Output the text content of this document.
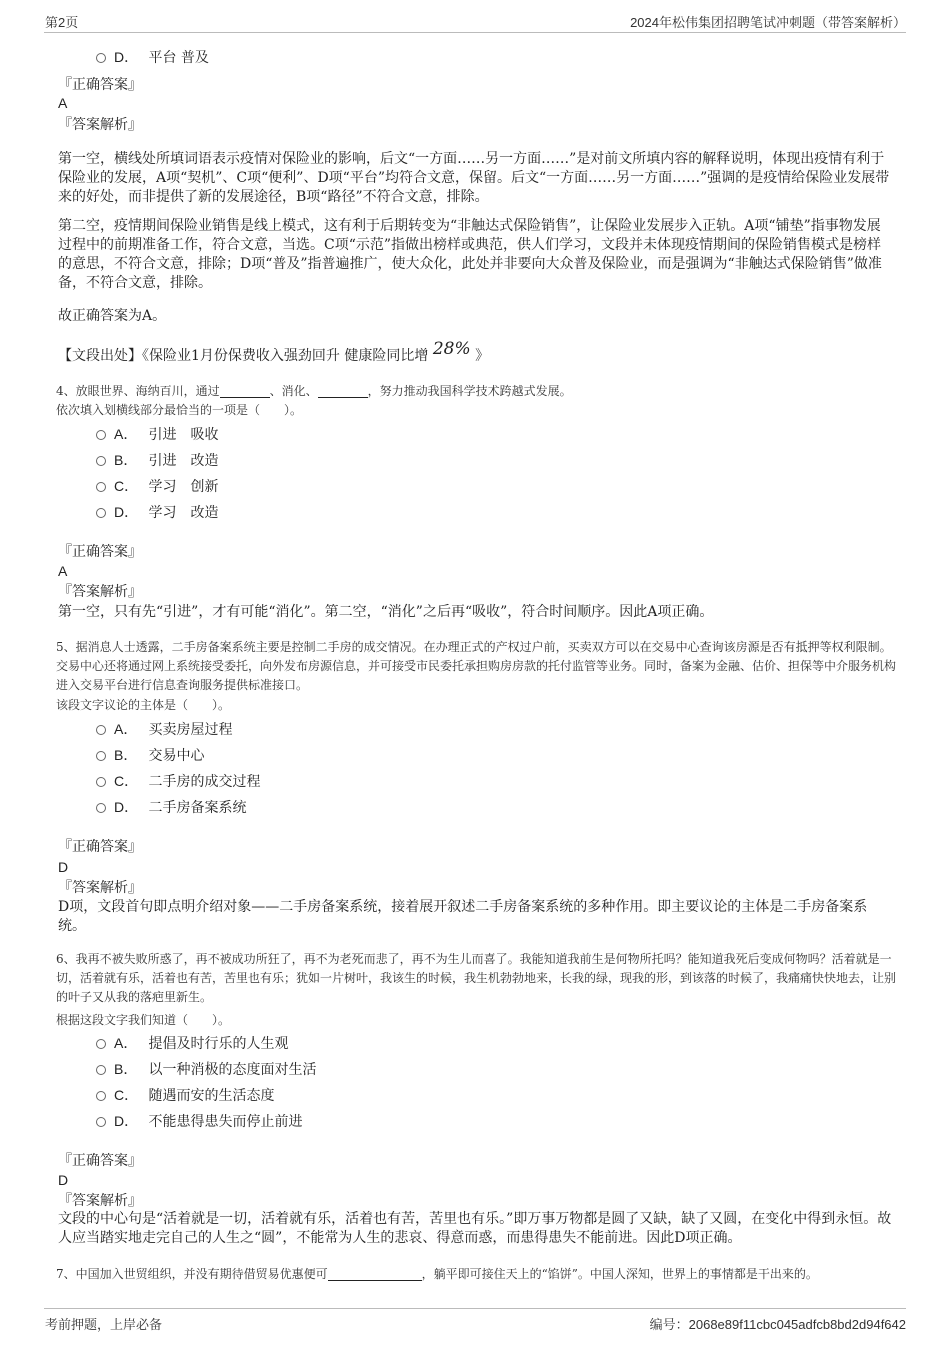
第2页	2024年松伟集团招聘笔试冲刺题（带答案解析）
D． 平台 普及
『正确答案』
A
『答案解析』
第一空，横线处所填词语表示疫情对保险业的影响，后文“一方面……另一方面……”是对前文所填内容的解释说明，体现出疫情有利于保险业的发展，A项“契机”、C项“便利”、D项“平台”均符合文意，保留。后文“一方面……另一方面……”强调的是疫情给保险业发展带来的好处，而非提供了新的发展途径，B项“路径”不符合文意，排除。
第二空，疫情期间保险业销售是线上模式，这有利于后期转变为“非触达式保险销售”，让保险业发展步入正轨。A项“铺垫”指事物发展过程中的前期准备工作，符合文意，当选。C项“示范”指做出榜样或典范，供人们学习，文段并未体现疫情期间的保险销售模式是榜样的意思，不符合文意，排除；D项“普及”指普遍推广，使大众化，此处并非要向大众普及保险业，而是强调为“非触达式保险销售”做准备，不符合文意，排除。
故正确答案为A。
【文段出处】《保险业1月份保费收入强劲回升 健康险同比增 28% 》
4、放眼世界、海纳百川，通过	、消化、	，努力推动我国科学技术跨越式发展。
依次填入划横线部分最恰当的一项是（　　）。
A． 引进　吸收
B． 引进　改造
C． 学习　创新
D． 学习　改造
『正确答案』
A
『答案解析』
第一空，只有先“引进”，才有可能“消化”。第二空，“消化”之后再“吸收”，符合时间顺序。因此A项正确。
5、据消息人士透露，二手房备案系统主要是控制二手房的成交情况。在办理正式的产权过户前，买卖双方可以在交易中心查询该房源是否有抵押等权利限制。交易中心还将通过网上系统接受委托，向外发布房源信息，并可接受市民委托承担购房房款的托付监管等业务。同时，备案为金融、估价、担保等中介服务机构进入交易平台进行信息查询服务提供标准接口。
该段文字议论的主体是（　　）。
A． 买卖房屋过程
B． 交易中心
C． 二手房的成交过程
D． 二手房备案系统
『正确答案』
D
『答案解析』
D项，文段首句即点明介绍对象——二手房备案系统，接着展开叙述二手房备案系统的多种作用。即主要议论的主体是二手房备案系统。
6、我再不被失败所惑了，再不被成功所狂了，再不为老死而悲了，再不为生儿而喜了。我能知道我前生是何物所托吗？能知道我死后变成何物吗？活着就是一切，活着就有乐，活着也有苦，苦里也有乐；犹如一片树叶，我该生的时候，我生机勃勃地来，长我的绿，现我的形，到该落的时候了，我痛痛快快地去，让别的叶子又从我的落疤里新生。
根据这段文字我们知道（　　）。
A． 提倡及时行乐的人生观
B． 以一种消极的态度面对生活
C． 随遇而安的生活态度
D． 不能患得患失而停止前进
『正确答案』
D
『答案解析』
文段的中心句是“活着就是一切，活着就有乐，活着也有苦，苦里也有乐。”即万事万物都是圆了又缺，缺了又圆，在变化中得到永恒。故人应当踏实地走完自己的人生之“圆”，不能常为人生的悲哀、得意而惑，而患得患失不能前进。因此D项正确。
7、中国加入世贸组织，并没有期待借贸易优惠便可	，躺平即可接住天上的“馅饼”。中国人深知，世界上的事情都是干出来的。
考前押题，上岸必备	编号：2068e89f11cbc045adfcb8bd2d94f642
